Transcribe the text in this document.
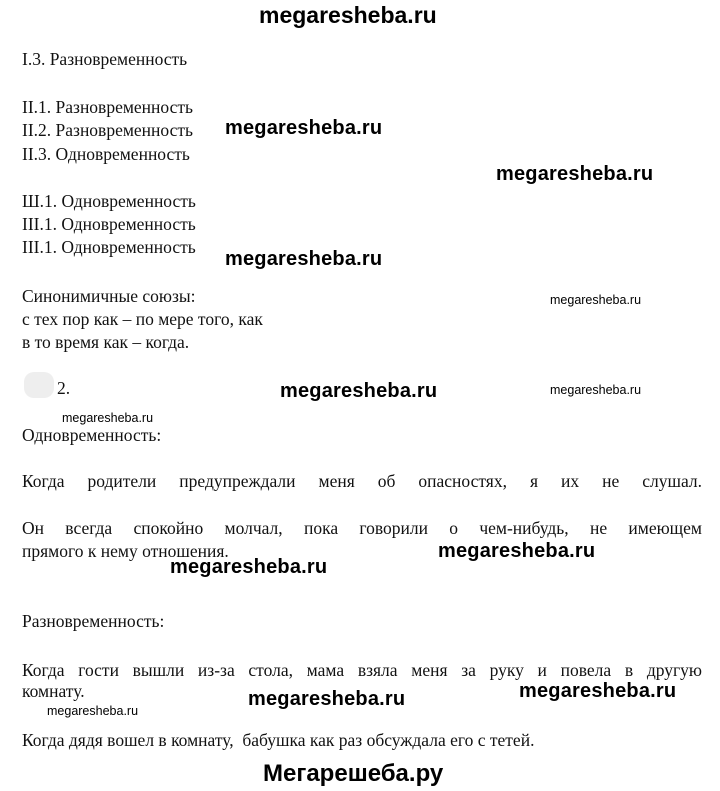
megaresheba.ru
I.3. Разновременность
II.1. Разновременность
II.2. Разновременность
II.3. Одновременность
Ш.1. Одновременность
III.1. Одновременность
III.1. Одновременность
Синонимичные союзы:
с тех пор как – по мере того, как
в то время как – когда.
2.
Одновременность:
Когда родители предупреждали меня об опасностях, я их не слушал.
Он всегда спокойно молчал, пока говорили о чем-нибудь, не имеющем
прямого к нему отношения.
Разновременность:
Когда гости вышли из-за стола, мама взяла меня за руку и повела в другую
комнату.
Когда дядя вошел в комнату,  бабушка как раз обсуждала его с тетей.
megaresheba.ru
megaresheba.ru
megaresheba.ru
megaresheba.ru
megaresheba.ru	megaresheba.ru
megaresheba.ru
megaresheba.ru
megaresheba.ru
megaresheba.ru	megaresheba.ru
megaresheba.ru
Мегарешеба.ру
